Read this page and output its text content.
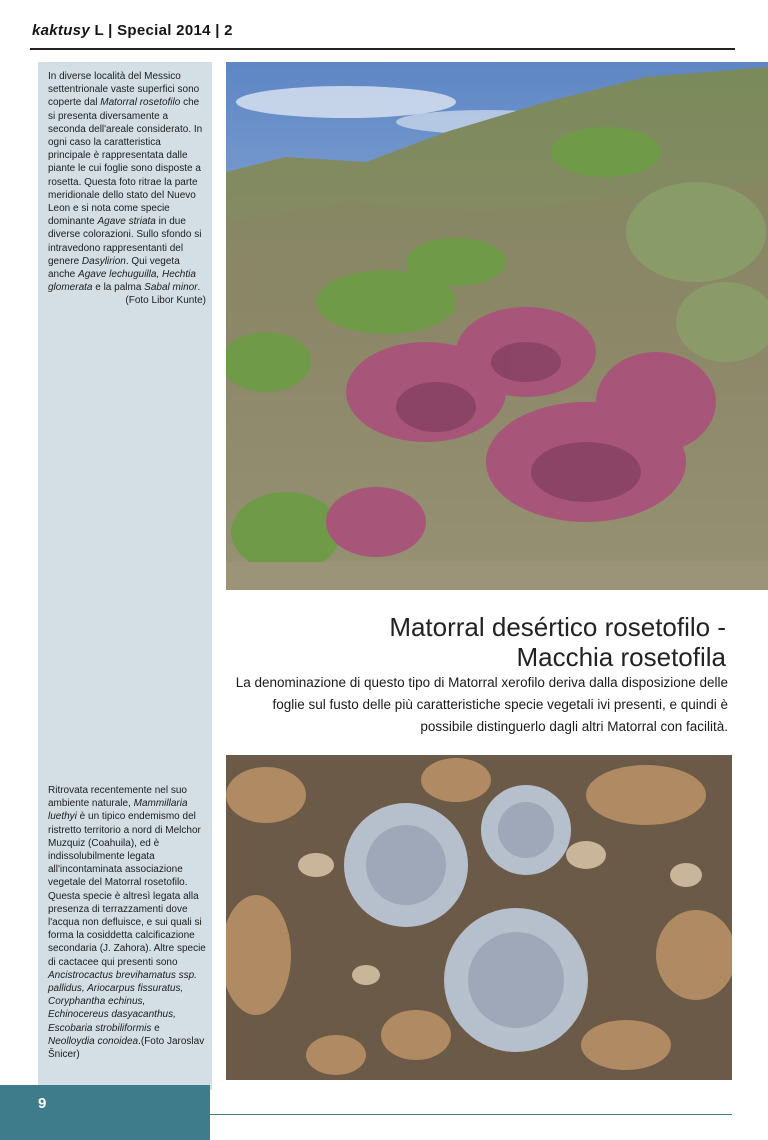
kaktusy L | Special 2014 | 2
In diverse località del Messico settentrionale vaste superfici sono coperte dal Matorral rosetofilo che si presenta diversamente a seconda dell'areale considerato. In ogni caso la caratteristica principale è rappresentata dalle piante le cui foglie sono disposte a rosetta. Questa foto ritrae la parte meridionale dello stato del Nuevo Leon e si nota come specie dominante Agave striata in due diverse colorazioni. Sullo sfondo si intravedono rappresentanti del genere Dasylirion. Qui vegeta anche Agave lechuguilla, Hechtia glomerata e la palma Sabal minor.
(Foto Libor Kunte)
Ritrovata recentemente nel suo ambiente naturale, Mammillaria luethyi è un tipico endemismo del ristretto territorio a nord di Melchor Muzquiz (Coahuila), ed è indissolubilmente legata all'incontaminata associazione vegetale del Matorral rosetofilo. Questa specie è altresì legata alla presenza di terrazzamenti dove l'acqua non defluisce, e sui quali si forma la cosiddetta calcificazione secondaria (J. Zahora). Altre specie di cactacee qui presenti sono Ancistrocactus brevihamatus ssp. pallidus, Ariocarpus fissuratus, Coryphantha echinus, Echinocereus dasyacanthus, Escobaria strobiliformis e Neolloydia conoidea.(Foto Jaroslav Šnicer)
Matorral desértico rosetofilo -
Macchia rosetofila
La denominazione di questo tipo di Matorral xerofilo deriva dalla disposizione delle foglie sul fusto delle più caratteristiche specie vegetali ivi presenti, e quindi è possibile distinguerlo dagli altri Matorral con facilità.
9
